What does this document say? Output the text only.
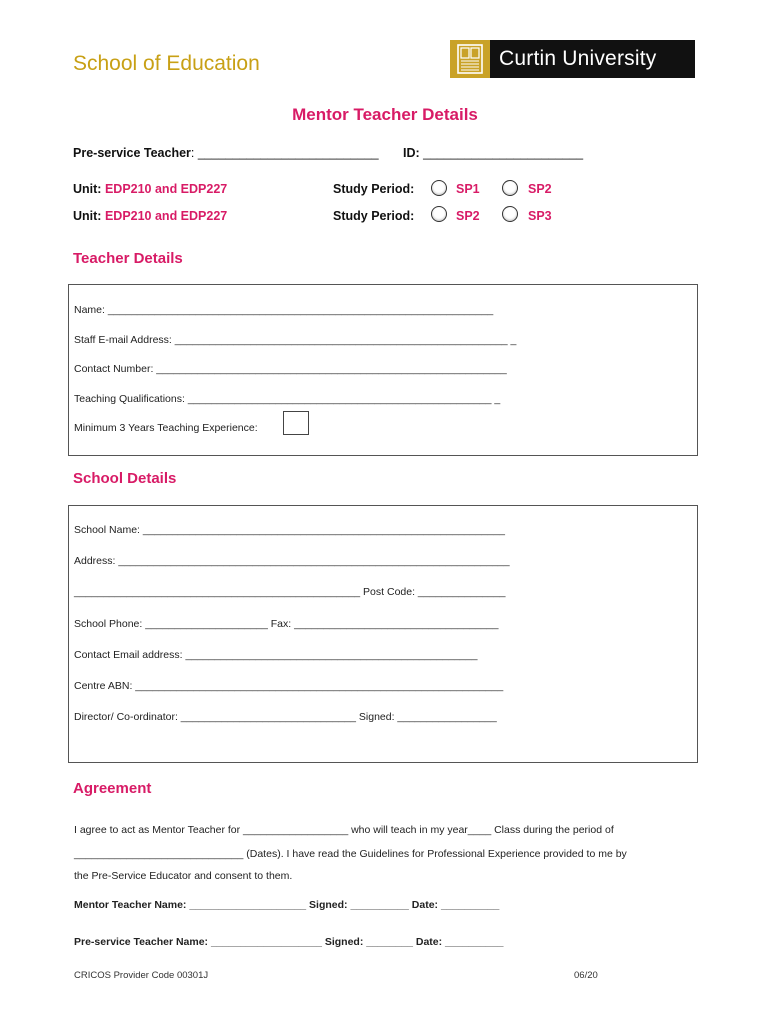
School of Education	Curtin University
Mentor Teacher Details
Pre-service Teacher: __________________________ ID: _______________________
Unit: EDP210 and EDP227	Study Period:	SP1	SP2
Unit: EDP210 and EDP227	Study Period:	SP2	SP3
Teacher Details
Name: __________________________________________________________________
Staff E-mail Address: _________________________________________________________ _
Contact Number: ____________________________________________________________
Teaching Qualifications: ____________________________________________________ _
Minimum 3 Years Teaching Experience:
School Details
School Name: ______________________________________________________________
Address: ___________________________________________________________________
_________________________________________________ Post Code: _______________
School Phone: _____________________ Fax: ___________________________________
Contact Email address: __________________________________________________
Centre ABN: _______________________________________________________________
Director/ Co-ordinator: ______________________________ Signed: _________________
Agreement
I agree to act as Mentor Teacher for __________________ who will teach in my year____ Class during the period of
_____________________________ (Dates). I have read the Guidelines for Professional Experience provided to me by
the Pre-Service Educator and consent to them.
Mentor Teacher Name: ____________________ Signed: __________ Date: __________
Pre-service Teacher Name: ___________________ Signed: ________ Date: __________
CRICOS Provider Code 00301J	06/20
